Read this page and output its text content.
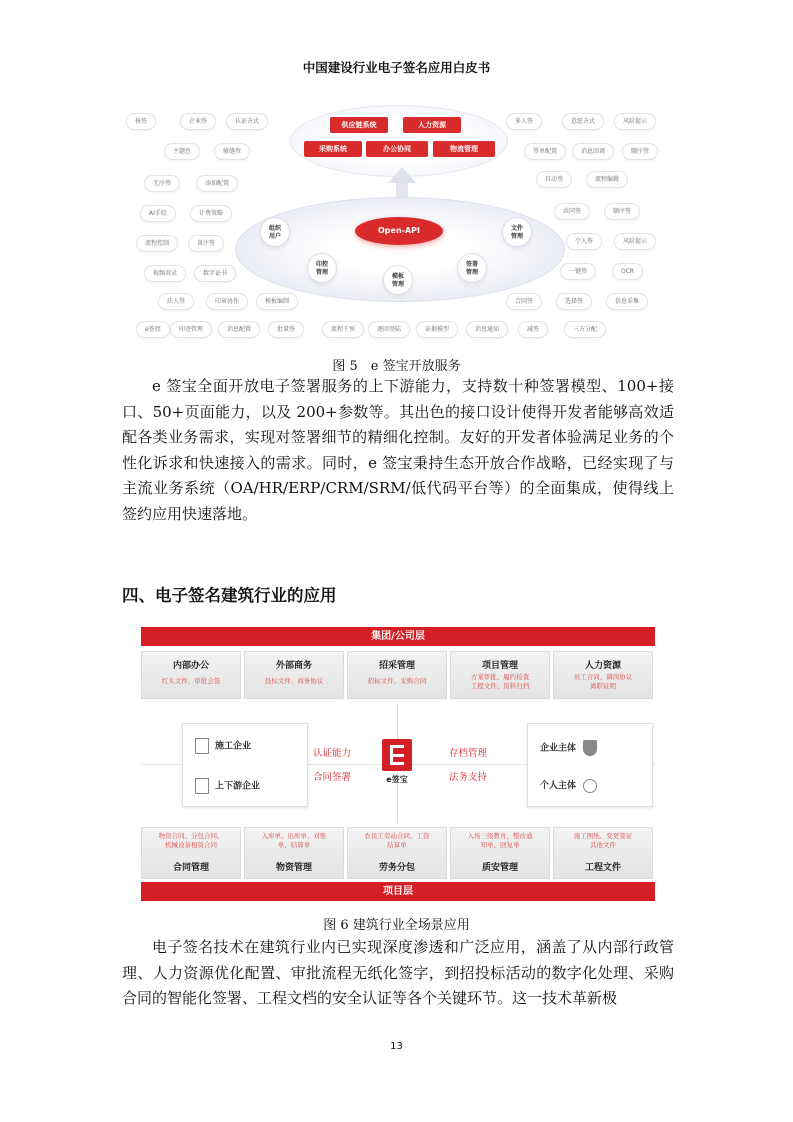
中国建设行业电子签名应用白皮书
核签	企业签	认证方式
主题色	骑缝签
无序签	添加配置
AI手绘	计费策略
流程控制	备注签
视频双录	数字证书
法人签	印章协作	模板编制
e签控	印迹管理	消息配置	批量签
多人签	意愿方式	风险提示
签单配置	消息回调	顺序签
自动签	流程编辑
共同签	顺序签
个人签	风险提示
一键签	OCR
合同签	选择签	信息采集
流程干预	逐回登陆	证据模型	消息通知	减签	三方分配
供应链系统	人力资源
采购系统	办公协同	物流管理
Open-API
组织
用户
印控
管理
模板
管理
签署
管理
文件
管理
图 5　e 签宝开放服务

e 签宝全面开放电子签署服务的上下游能力，支持数十种签署模型、100+接口、50+页面能力，以及 200+参数等。其出色的接口设计使得开发者能够高效适配各类业务需求，实现对签署细节的精细化控制。友好的开发者体验满足业务的个性化诉求和快速接入的需求。同时，e 签宝秉持生态开放合作战略，已经实现了与主流业务系统（OA/HR/ERP/CRM/SRM/低代码平台等）的全面集成，使得线上签约应用快速落地。

四、电子签名建筑行业的应用
集团/公司层
内部办公
红头文件、审批会签
外部商务
投标文件、商务协议
招采管理
招标文件、采购合同
项目管理
方案审批、履约检查
工程文件、资料归档
人力资源
员工合同、调岗协议
离职证明
施工企业
上下游企业
认证能力
合同签署	e签宝
存档管理
法务支持
企业主体
个人主体
物资合同、分包合同、
机械设备租赁合同
合同管理
入库单、出库单、对账
单、结算单
物资管理
农民工劳动合同、工资
结算单
劳务分包
入场三级教育、整改通
知单、回复单
质安管理
施工图纸、变更签证
其他文件
工程文件
项目层
图 6 建筑行业全场景应用

电子签名技术在建筑行业内已实现深度渗透和广泛应用，涵盖了从内部行政管理、人力资源优化配置、审批流程无纸化签字，到招投标活动的数字化处理、采购合同的智能化签署、工程文档的安全认证等各个关键环节。这一技术革新极

13
